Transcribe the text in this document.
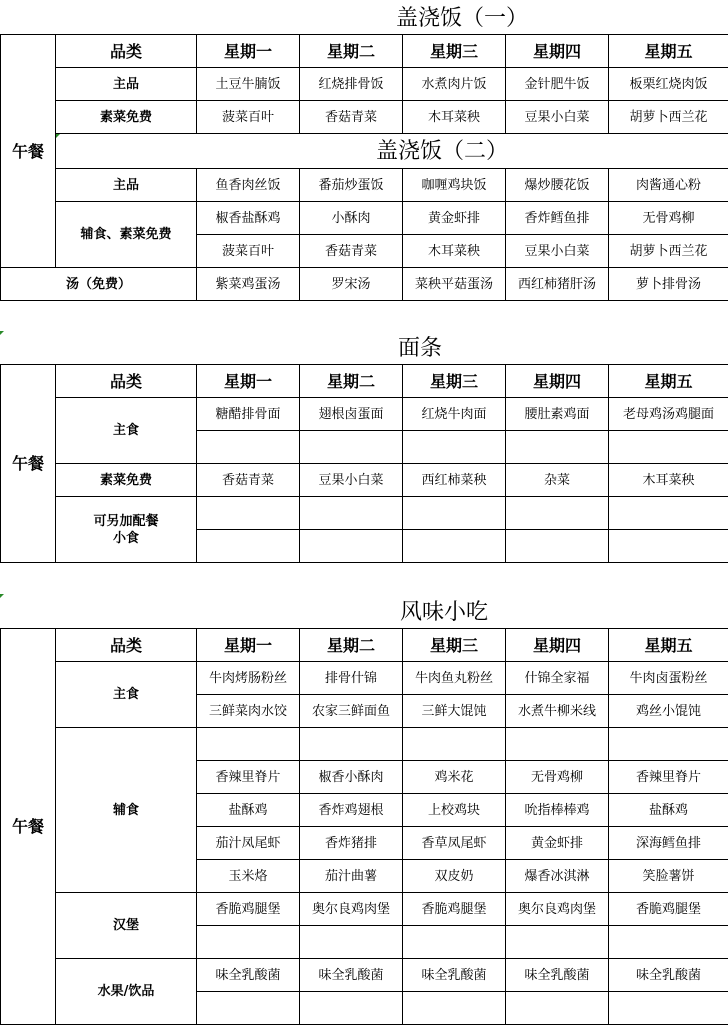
盖浇饭（一）
午餐	品类	星期一	星期二	星期三	星期四	星期五
	主品	土豆牛腩饭	红烧排骨饭	水煮肉片饭	金针肥牛饭	板栗红烧肉饭
	素菜免费	菠菜百叶	香菇青菜	木耳菜秧	豆果小白菜	胡萝卜西兰花

盖浇饭（二）					
	主品	鱼香肉丝饭	番茄炒蛋饭	咖喱鸡块饭	爆炒腰花饭	肉酱通心粉
	辅食、素菜免费	椒香盐酥鸡	小酥肉	黄金虾排	香炸鳕鱼排	无骨鸡柳
		菠菜百叶	香菇青菜	木耳菜秧	豆果小白菜	胡萝卜西兰花
汤（免费）		紫菜鸡蛋汤	罗宋汤	菜秧平菇蛋汤	西红柿猪肝汤	萝卜排骨汤
面条
午餐	品类	星期一	星期二	星期三	星期四	星期五
	主食	糖醋排骨面	翅根卤蛋面	红烧牛肉面	腰肚素鸡面	老母鸡汤鸡腿面

	素菜免费	香菇青菜	豆果小白菜	西红柿菜秧	杂菜	木耳菜秧
	可另加配餐小食					

风味小吃
午餐	品类	星期一	星期二	星期三	星期四	星期五
	主食	牛肉烤肠粉丝	排骨什锦	牛肉鱼丸粉丝	什锦全家福	牛肉卤蛋粉丝
		三鲜菜肉水饺	农家三鲜面鱼	三鲜大馄饨	水煮牛柳米线	鸡丝小馄饨
	辅食					
		香辣里脊片	椒香小酥肉	鸡米花	无骨鸡柳	香辣里脊片
		盐酥鸡	香炸鸡翅根	上校鸡块	吮指棒棒鸡	盐酥鸡
		茄汁凤尾虾	香炸猪排	香草凤尾虾	黄金虾排	深海鳕鱼排
		玉米烙	茄汁曲薯	双皮奶	爆香冰淇淋	笑脸薯饼
	汉堡	香脆鸡腿堡	奥尔良鸡肉堡	香脆鸡腿堡	奥尔良鸡肉堡	香脆鸡腿堡

	水果/饮品	味全乳酸菌	味全乳酸菌	味全乳酸菌	味全乳酸菌	味全乳酸菌
